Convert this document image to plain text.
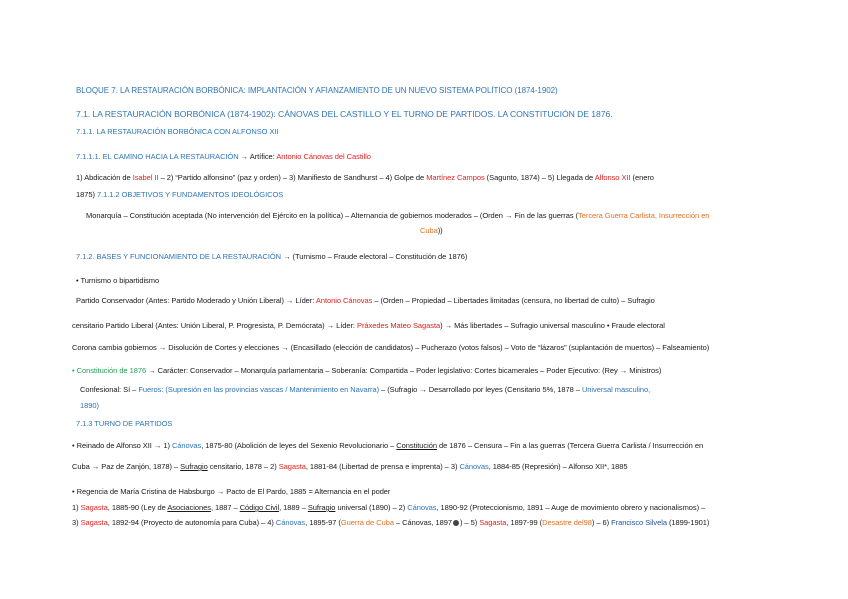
BLOQUE 7. LA RESTAURACIÓN BORBÓNICA: IMPLANTACIÓN Y AFIANZAMIENTO DE UN NUEVO SISTEMA POLÍTICO (1874-1902)
7.1. LA RESTAURACIÓN BORBÓNICA (1874-1902): CÁNOVAS DEL CASTILLO Y EL TURNO DE PARTIDOS. LA CONSTITUCIÓN DE 1876.
7.1.1. LA RESTAURACIÓN BORBÓNICA CON ALFONSO XII
7.1.1.1. EL CAMINO HACIA LA RESTAURACIÓN → Artífice: Antonio Cánovas del Castillo
1) Abdicación de Isabel II – 2) “Partido alfonsino” (paz y orden) – 3) Manifiesto de Sandhurst – 4) Golpe de Martínez Campos (Sagunto, 1874) – 5) Llegada de Alfonso XII (enero
1875) 7.1.1.2 OBJETIVOS Y FUNDAMENTOS IDEOLÓGICOS
Monarquía – Constitución aceptada (No intervención del Ejército en la política) – Alternancia de gobiernos moderados – (Orden → Fin de las guerras (Tercera Guerra Carlista, Insurrección en
Cuba))
7.1.2. BASES Y FUNCIONAMIENTO DE LA RESTAURACIÓN → (Turnismo – Fraude electoral – Constitución de 1876)
• Turnismo o bipartidismo
Partido Conservador (Antes: Partido Moderado y Unión Liberal) → Líder: Antonio Cánovas – (Orden – Propiedad – Libertades limitadas (censura, no libertad de culto) – Sufragio
censitario Partido Liberal (Antes: Unión Liberal, P. Progresista, P. Demócrata) → Líder: Práxedes Mateo Sagasta) → Más libertades – Sufragio universal masculino • Fraude electoral
Corona cambia gobiernos → Disolución de Cortes y elecciones → (Encasillado (elección de candidatos) – Pucherazo (votos falsos) – Voto de “lázaros” (suplantación de muertos) – Falseamiento)
• Constitución de 1876 → Carácter: Conservador – Monarquía parlamentaria – Soberanía: Compartida – Poder legislativo: Cortes bicamerales – Poder Ejecutivo: (Rey → Ministros)
Confesional: Sí – Fueros: (Supresión en las provincias vascas / Mantenimiento en Navarra) – (Sufragio → Desarrollado por leyes (Censitario 5%, 1878 – Universal masculino,
1890)
7.1.3 TURNO DE PARTIDOS
• Reinado de Alfonso XII → 1) Cánovas, 1875-80 (Abolición de leyes del Sexenio Revolucionario – Constitución de 1876 – Censura – Fin a las guerras (Tercera Guerra Carlista / Insurrección en
Cuba → Paz de Zanjón, 1878) – Sufragio censitario, 1878 – 2) Sagasta, 1881-84 (Libertad de prensa e imprenta) – 3) Cánovas, 1884-85 (Represión) – Alfonso XII*, 1885
• Regencia de María Cristina de Habsburgo → Pacto de El Pardo, 1885 = Alternancia en el poder
1) Sagasta, 1885-90 (Ley de Asociaciones, 1887 – Código Civil, 1889 – Sufragio universal (1890) – 2) Cánovas, 1890-92 (Proteccionismo, 1891 – Auge de movimiento obrero y nacionalismos) –
3) Sagasta, 1892-94 (Proyecto de autonomía para Cuba) – 4) Cánovas, 1895-97 (Guerra de Cuba – Cánovas, 1897 ) – 5) Sagasta, 1897-99 (Desastre del98) – 6) Francisco Silvela (1899-1901)
